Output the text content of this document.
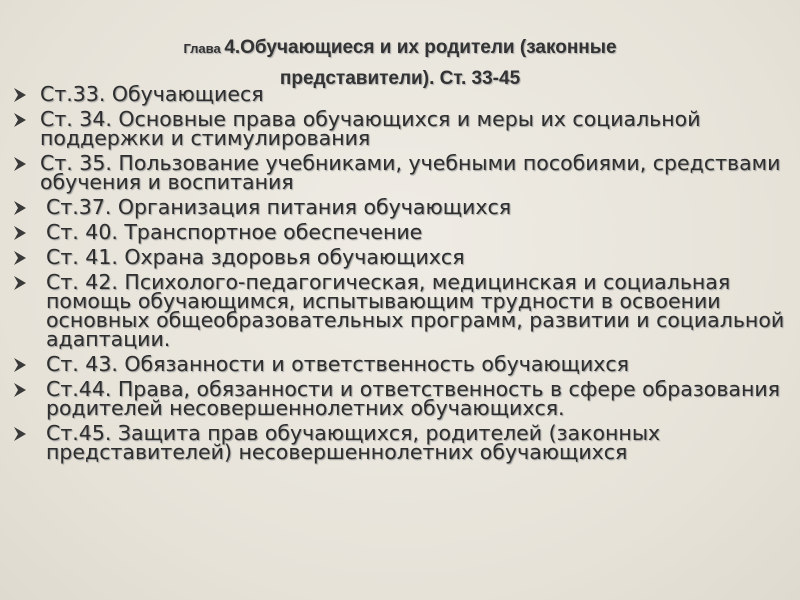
Глава 4.Обучающиеся и их родители (законные представители). Ст. 33-45
Ст.33. Обучающиеся
Ст. 34. Основные права обучающихся и меры их социальной поддержки и стимулирования
Ст. 35. Пользование учебниками, учебными пособиями, средствами обучения и воспитания
Ст.37. Организация питания обучающихся
Ст. 40. Транспортное обеспечение
Ст. 41. Охрана здоровья обучающихся
Ст. 42. Психолого-педагогическая, медицинская и социальная помощь обучающимся, испытывающим трудности в освоении основных общеобразовательных программ, развитии и социальной адаптации.
Ст. 43. Обязанности и ответственность обучающихся
Ст.44. Права, обязанности и ответственность в сфере образования родителей несовершеннолетних обучающихся.
Ст.45. Защита прав обучающихся, родителей (законных представителей) несовершеннолетних обучающихся
